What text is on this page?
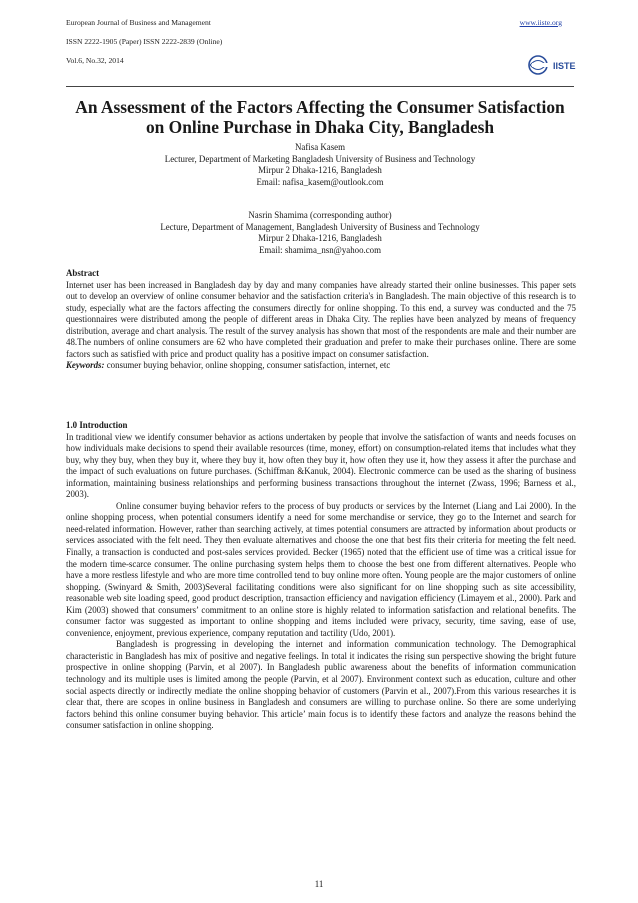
European Journal of Business and Management
ISSN 2222-1905 (Paper) ISSN 2222-2839 (Online)
Vol.6, No.32, 2014
www.iiste.org
IISTE
An Assessment of the Factors Affecting the Consumer Satisfaction on Online Purchase in Dhaka City, Bangladesh
Nafisa Kasem
Lecturer, Department of Marketing Bangladesh University of Business and Technology
Mirpur 2 Dhaka-1216, Bangladesh
Email: nafisa_kasem@outlook.com
Nasrin Shamima (corresponding author)
Lecture, Department of Management, Bangladesh University of Business and Technology
Mirpur 2 Dhaka-1216, Bangladesh
Email: shamima_nsn@yahoo.com

Abstract

Internet user has been increased in Bangladesh day by day and many companies have already started their online businesses. This paper sets out to develop an overview of online consumer behavior and the satisfaction criteria's in Bangladesh. The main objective of this research is to study, especially what are the factors affecting the consumers directly for online shopping. To this end, a survey was conducted and the 75 questionnaires were distributed among the people of different areas in Dhaka City. The replies have been analyzed by means of frequency distribution, average and chart analysis. The result of the survey analysis has shown that most of the respondents are male and their number are 48.The numbers of online consumers are 62 who have completed their graduation and prefer to make their purchases online. There are some factors such as satisfied with price and product quality has a positive impact on consumer satisfaction.

Keywords: consumer buying behavior, online shopping, consumer satisfaction, internet, etc

1.0 Introduction

In traditional view we identify consumer behavior as actions undertaken by people that involve the satisfaction of wants and needs focuses on how individuals make decisions to spend their available resources (time, money, effort) on consumption-related items that includes what they buy, why they buy, when they buy it, where they buy it, how often they buy it, how often they use it, how they assess it after the purchase and the impact of such evaluations on future purchases. (Schiffman &Kanuk, 2004). Electronic commerce can be used as the sharing of business information, maintaining business relationships and performing business transactions throughout the internet (Zwass, 1996; Barness et al., 2003).

Online consumer buying behavior refers to the process of buy products or services by the Internet (Liang and Lai 2000). In the online shopping process, when potential consumers identify a need for some merchandise or service, they go to the Internet and search for need-related information. However, rather than searching actively, at times potential consumers are attracted by information about products or services associated with the felt need. They then evaluate alternatives and choose the one that best fits their criteria for meeting the felt need. Finally, a transaction is conducted and post-sales services provided. Becker (1965) noted that the efficient use of time was a critical issue for the modern time-scarce consumer. The online purchasing system helps them to choose the best one from different alternatives. People who have a more restless lifestyle and who are more time controlled tend to buy online more often. Young people are the major customers of online shopping. (Swinyard & Smith, 2003)Several facilitating conditions were also significant for on line shopping such as site accessibility, reasonable web site loading speed, good product description, transaction efficiency and navigation efficiency (Limayem et al., 2000). Park and Kim (2003) showed that consumers’ commitment to an online store is highly related to information satisfaction and relational benefits. The consumer factor was suggested as important to online shopping and items included were privacy, security, time saving, ease of use, convenience, enjoyment, previous experience, company reputation and tactility (Udo, 2001).

Bangladesh is progressing in developing the internet and information communication technology. The Demographical characteristic in Bangladesh has mix of positive and negative feelings. In total it indicates the rising sun perspective showing the bright future prospective in online shopping (Parvin, et al 2007). In Bangladesh public awareness about the benefits of information communication technology and its multiple uses is limited among the people (Parvin, et al 2007). Environment context such as education, culture and other social aspects directly or indirectly mediate the online shopping behavior of customers (Parvin et al., 2007).From this various researches it is clear that, there are scopes in online business in Bangladesh and consumers are willing to purchase online. So there are some underlying factors behind this online consumer buying behavior. This article’ main focus is to identify these factors and analyze the reasons behind the consumer satisfaction in online shopping.

11
